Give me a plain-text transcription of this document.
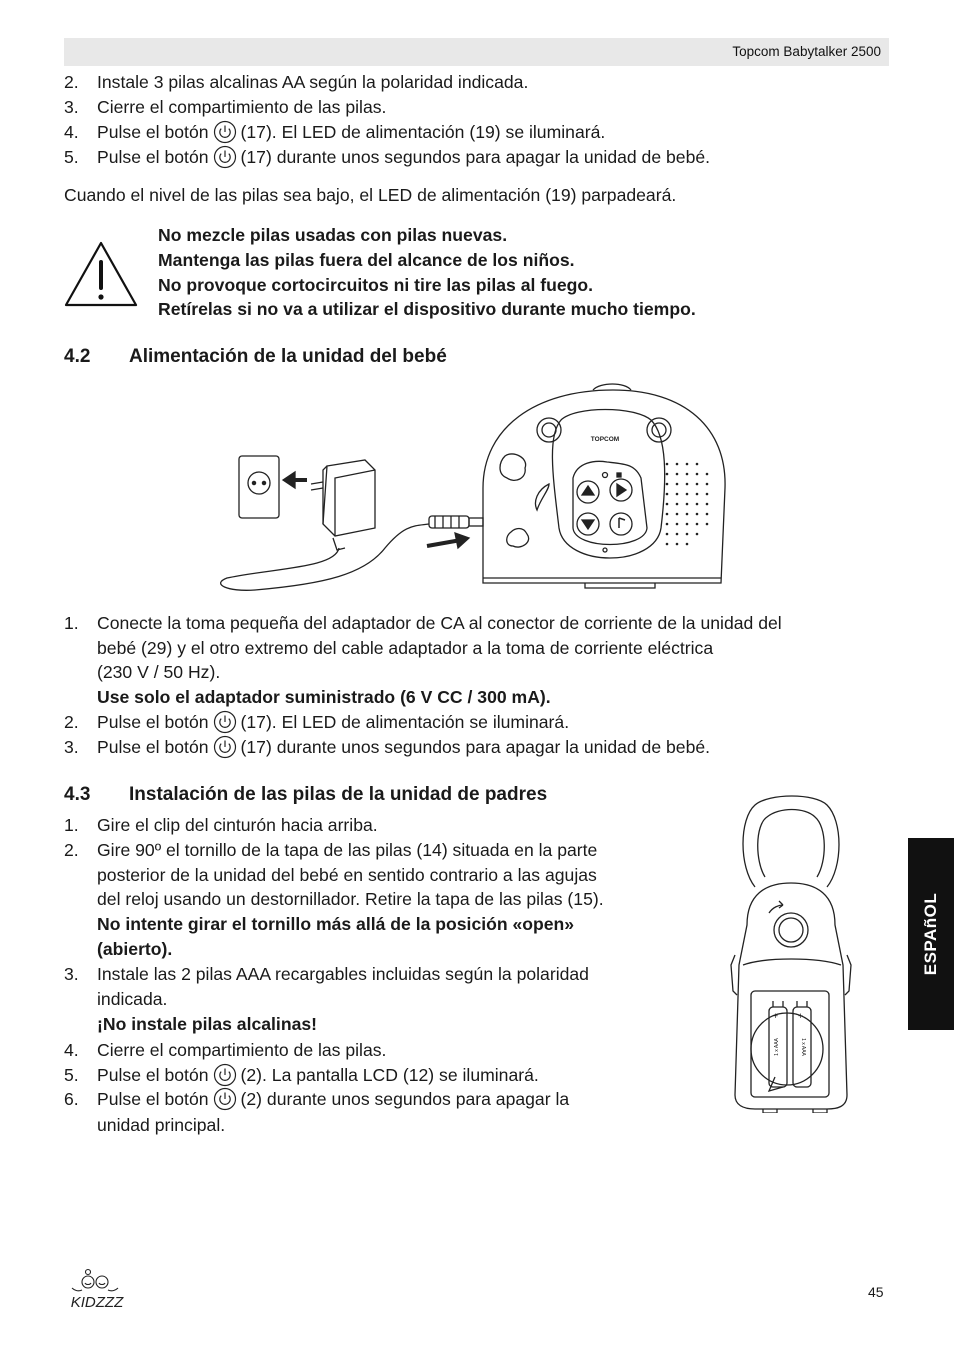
Topcom Babytalker 2500
2. Instale 3 pilas alcalinas AA según la polaridad indicada.
3. Cierre el compartimiento de las pilas.
4. Pulse el botón (17). El LED de alimentación (19) se iluminará.
5. Pulse el botón (17) durante unos segundos para apagar la unidad de bebé.
Cuando el nivel de las pilas sea bajo, el LED de alimentación (19) parpadeará.
No mezcle pilas usadas con pilas nuevas.
Mantenga las pilas fuera del alcance de los niños.
No provoque cortocircuitos ni tire las pilas al fuego.
Retírelas si no va a utilizar el dispositivo durante mucho tiempo.
4.2 Alimentación de la unidad del bebé
TOPCOM
1. Conecte la toma pequeña del adaptador de CA al conector de corriente de la unidad del
bebé (29) y el otro extremo del cable adaptador a la toma de corriente eléctrica
(230 V / 50 Hz).
Use solo el adaptador suministrado (6 V CC / 300 mA).
2. Pulse el botón (17). El LED de alimentación se iluminará.
3. Pulse el botón (17) durante unos segundos para apagar la unidad de bebé.
4.3 Instalación de las pilas de la unidad de padres
1. Gire el clip del cinturón hacia arriba.
2. Gire 90º el tornillo de la tapa de las pilas (14) situada en la parte
posterior de la unidad del bebé en sentido contrario a las agujas
del reloj usando un destornillador. Retire la tapa de las pilas (15).
No intente girar el tornillo más allá de la posición «open»
(abierto).
3. Instale las 2 pilas AAA recargables incluidas según la polaridad
indicada.
¡No instale pilas alcalinas!
4. Cierre el compartimiento de las pilas.
5. Pulse el botón (2). La pantalla LCD (12) se iluminará.
6. Pulse el botón (2) durante unos segundos para apagar la
unidad principal.
1 x AAA
1 x AAA
+ +
ESPAñOL
KIDZZZ
45
